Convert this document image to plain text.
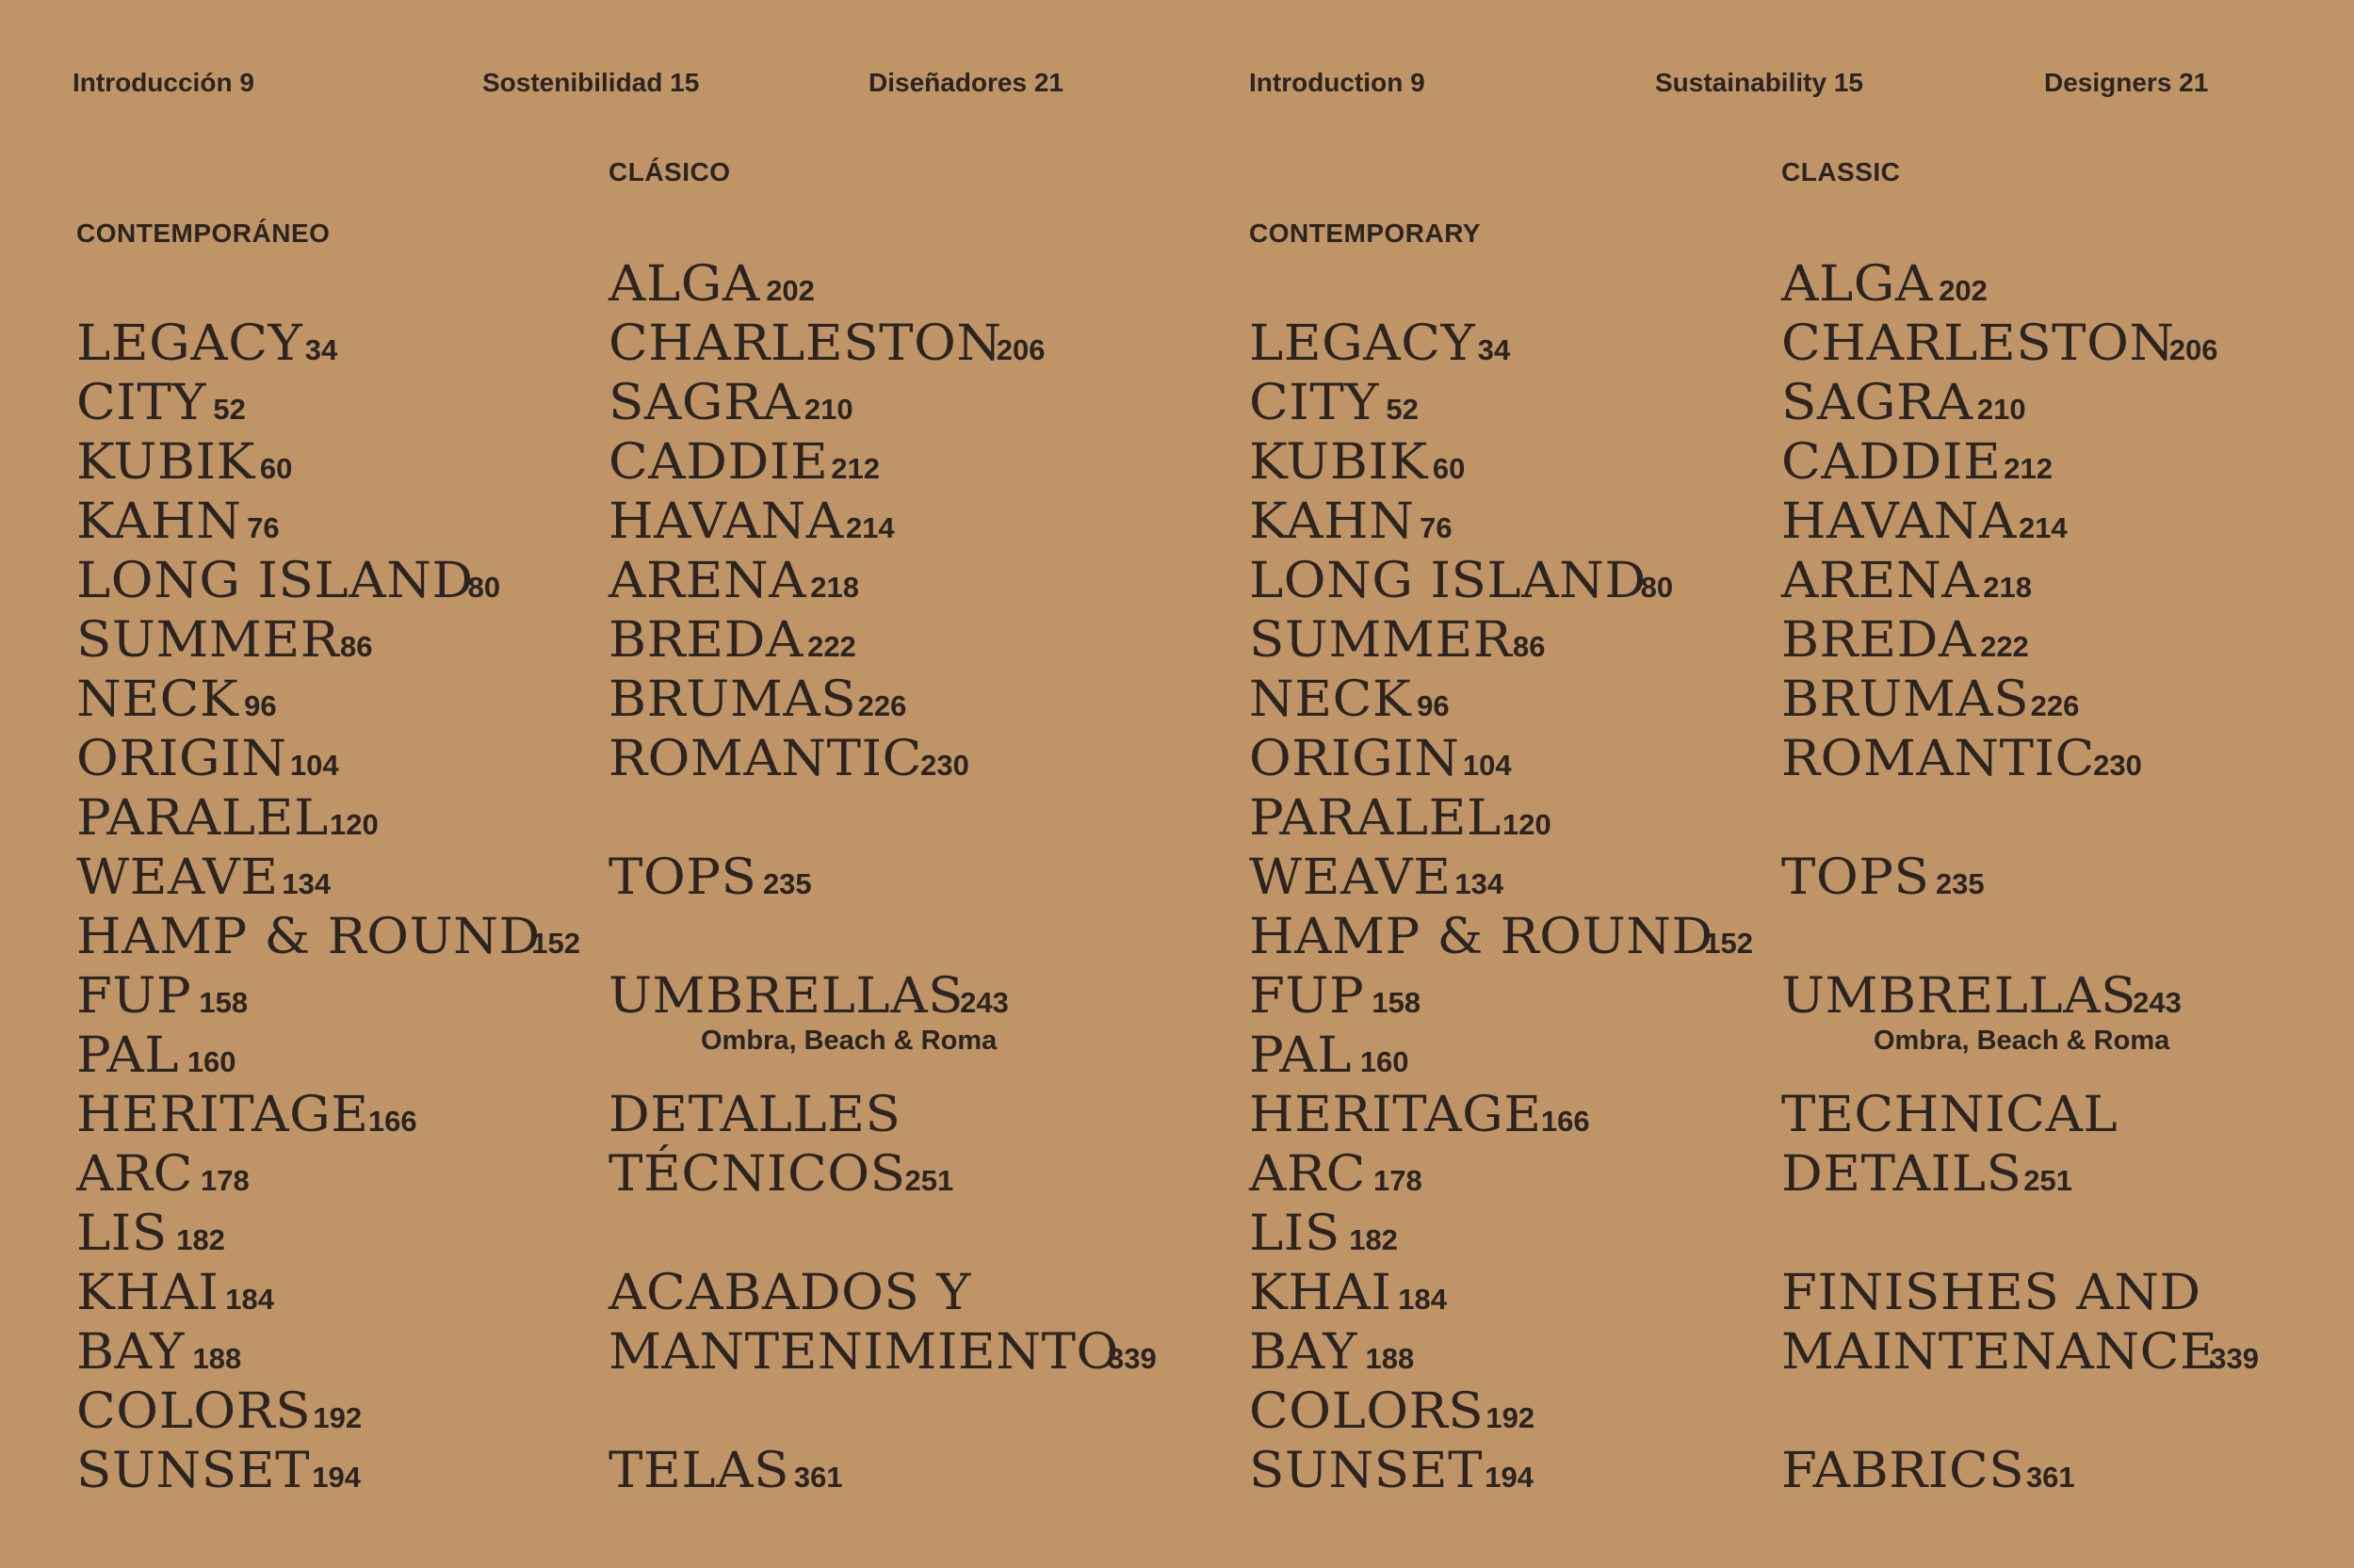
Introducción 9	Sostenibilidad 15	Diseñadores 21	Introduction 9	Sustainability 15	Designers 21
CONTEMPORÁNEO
CLÁSICO
CONTEMPORARY
CLASSIC
LEGACY34
CITY 52
KUBIK 60
KAHN 76
LONG ISLAND80
SUMMER86
NECK 96
ORIGIN 104
PARALEL120
WEAVE 134
HAMP & ROUND152
FUP 158
PAL 160
HERITAGE166
ARC 178
LIS 182
KHAI 184
BAY 188
COLORS192
SUNSET194
ALGA 202
CHARLESTON206
SAGRA 210
CADDIE212
HAVANA214
ARENA 218
BREDA 222
BRUMAS226
ROMANTIC230
TOPS 235
UMBRELLAS243
Ombra, Beach & Roma
DETALLES
TÉCNICOS251
ACABADOS Y
MANTENIMIENTO339
TELAS 361
LEGACY34
CITY 52
KUBIK 60
KAHN 76
LONG ISLAND80
SUMMER86
NECK 96
ORIGIN 104
PARALEL120
WEAVE 134
HAMP & ROUND152
FUP 158
PAL 160
HERITAGE166
ARC 178
LIS 182
KHAI 184
BAY 188
COLORS192
SUNSET194
ALGA 202
CHARLESTON206
SAGRA 210
CADDIE212
HAVANA214
ARENA 218
BREDA 222
BRUMAS226
ROMANTIC230
TOPS 235
UMBRELLAS243
Ombra, Beach & Roma
TECHNICAL
DETAILS251
FINISHES AND
MAINTENANCE339
FABRICS361
